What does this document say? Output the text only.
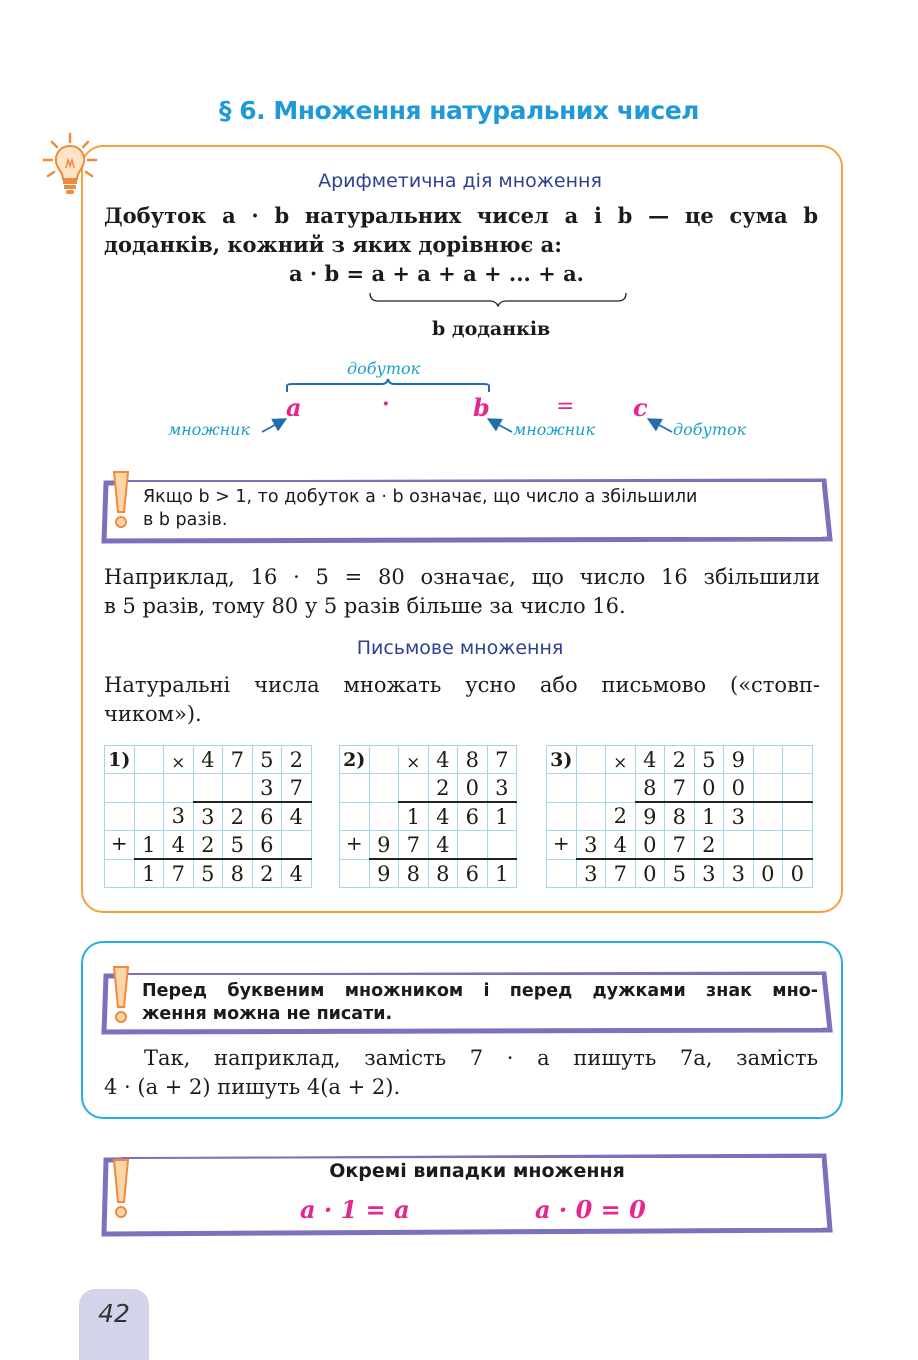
§ 6. Множення натуральних чисел
Арифметична дія множення
Добуток a · b натуральних чисел a і b — це сума b
доданків, кожний з яких дорівнює a:
a · b = a + a + a + ... + a.
b доданків
добуток
a	·	b	= c
множник	множник	добуток
Якщо b > 1, то добуток a · b означає, що число a збільшили
в b разів.
Наприклад, 16 · 5 = 80 означає, що число 16 збільшили
в 5 разів, тому 80 у 5 разів більше за число 16.
Письмове множення
Натуральні числа множать усно або письмово («стовп-
чиком»).
1)		×	4	7	5	2
					3	7
		3	3	2	6	4
+	1	4	2	5	6	
	1	7	5	8	2	4
2)		×	4	8	7
			2	0	3
		1	4	6	1
+	9	7	4		
	9	8	8	6	1
3)		×	4	2	5	9		
			8	7	0	0		
		2	9	8	1	3		
+	3	4	0	7	2			
	3	7	0	5	3	3	0	0
Перед буквеним множником і перед дужками знак мно-
ження можна не писати.
Так, наприклад, замість 7 · a пишуть 7a, замість
4 · (a + 2) пишуть 4(a + 2).
Окремі випадки множення
a · 1 = a	a · 0 = 0
42
